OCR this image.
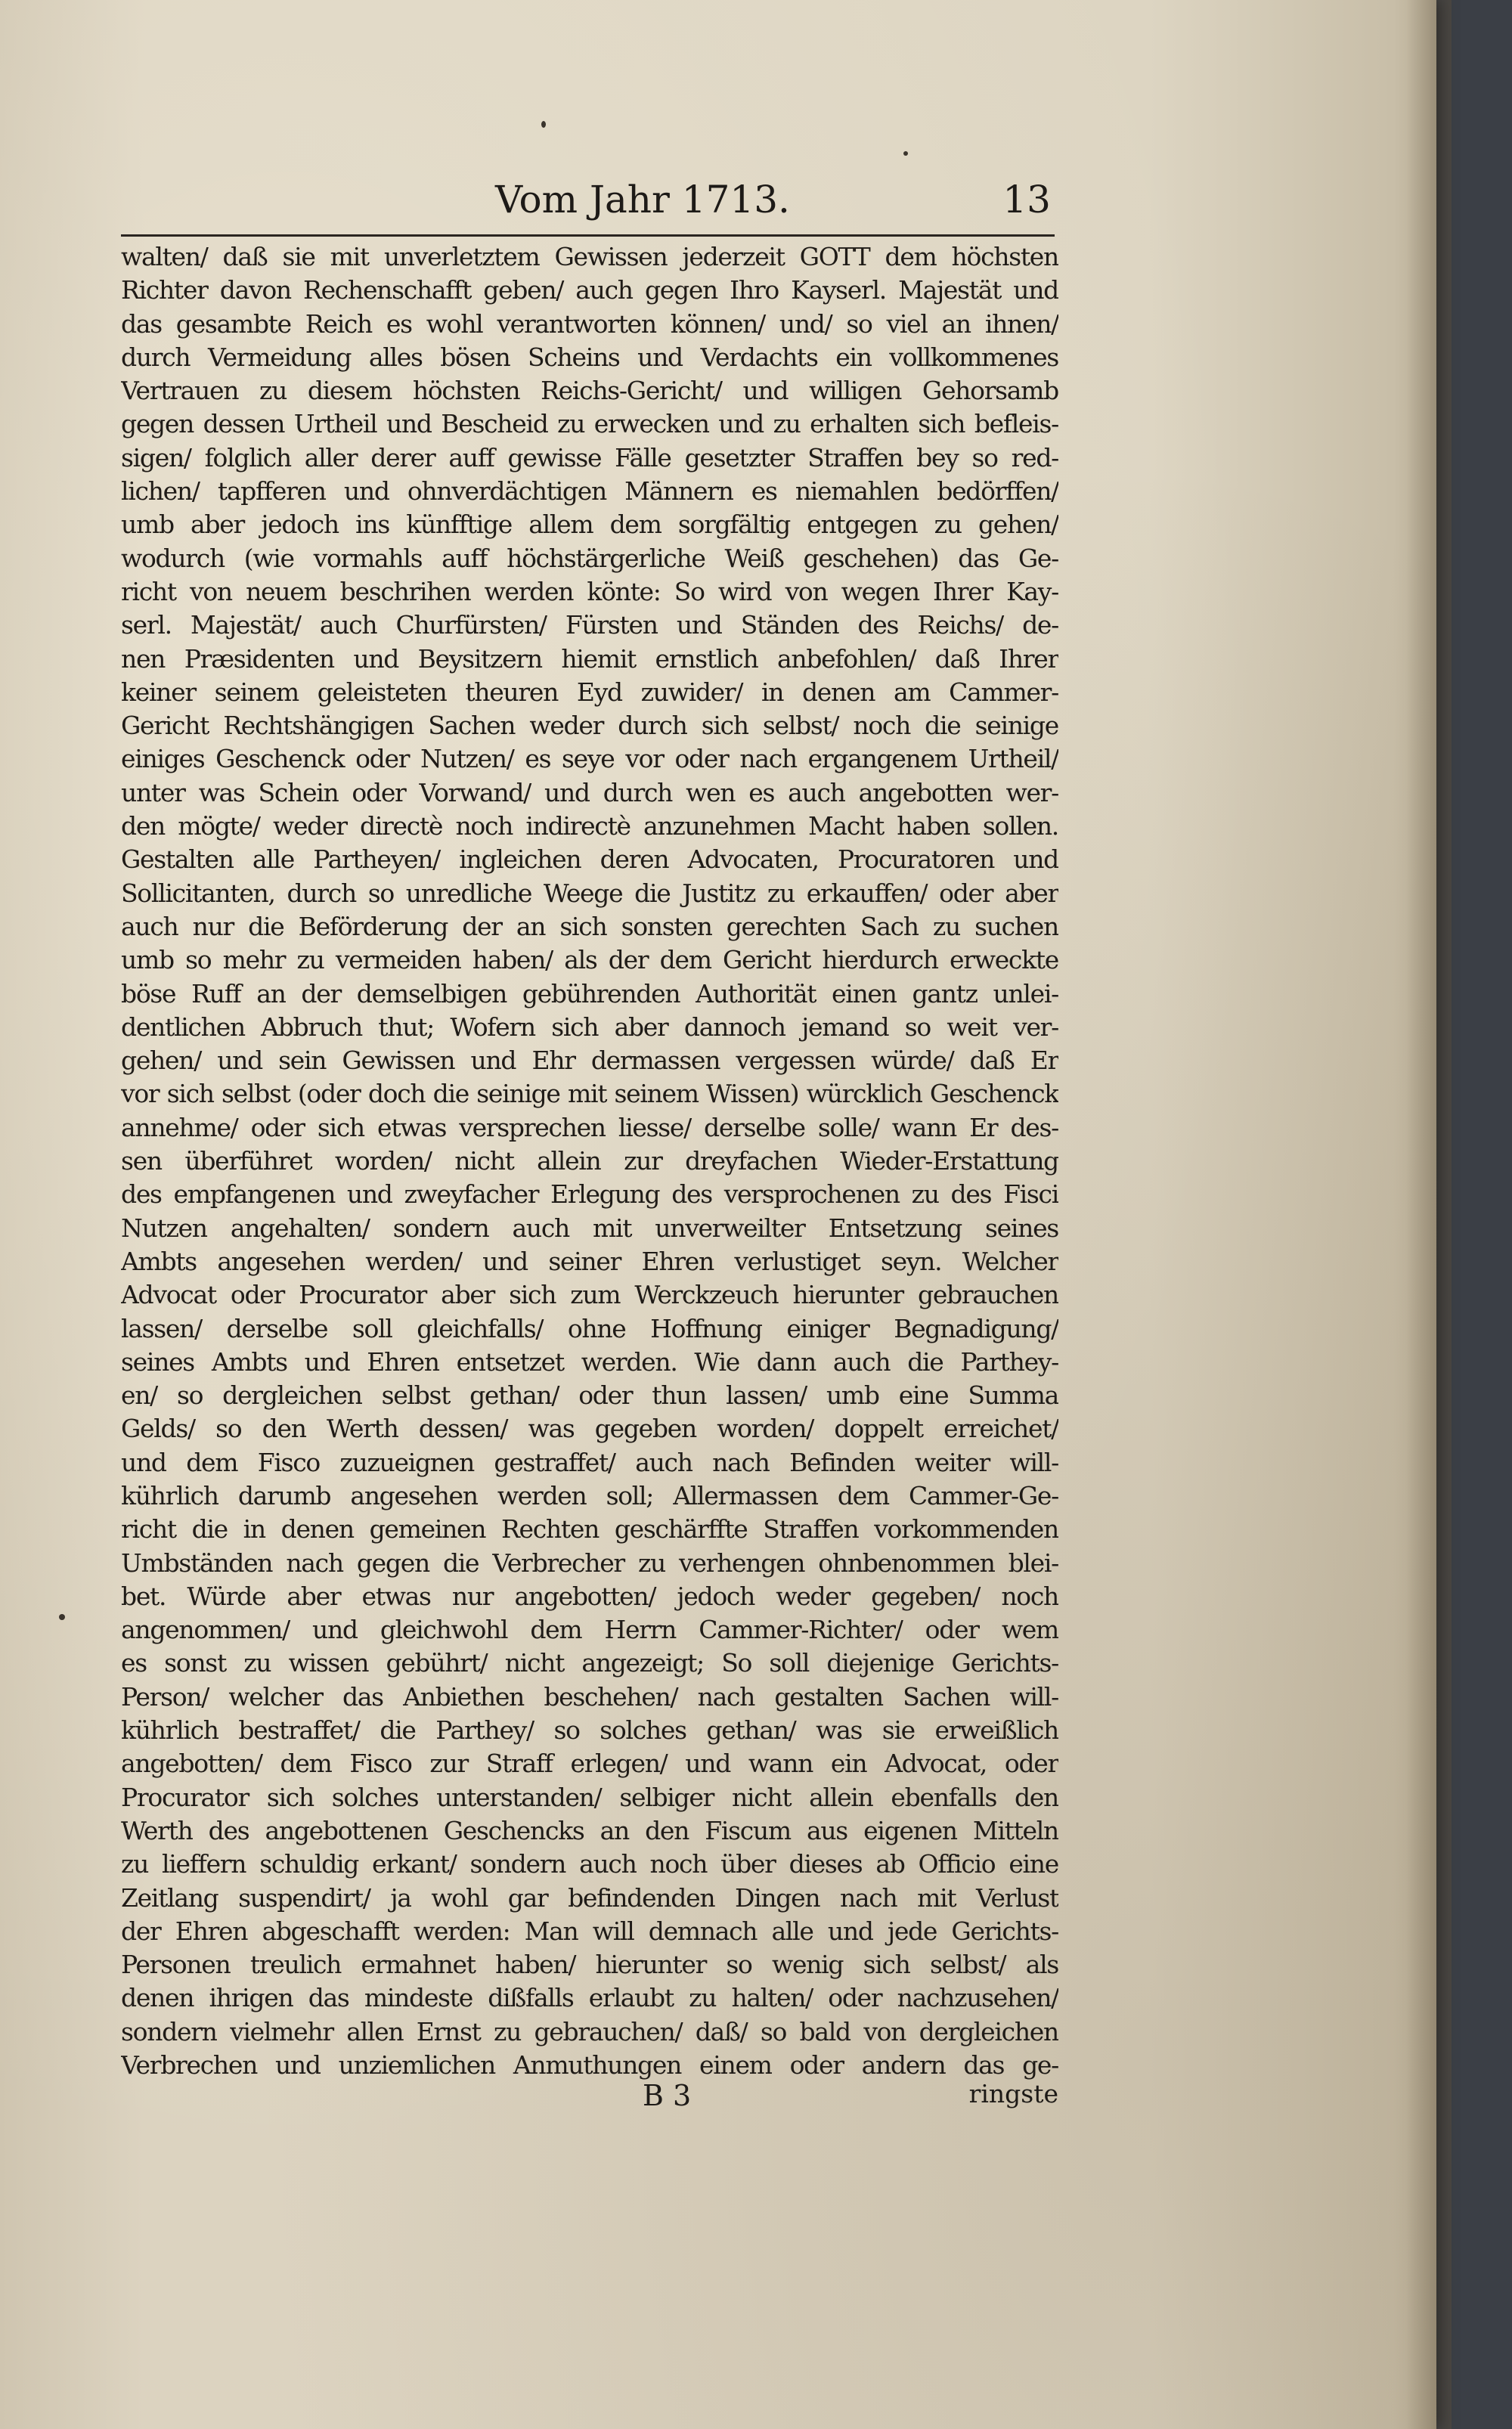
Vom Jahr 1713.	13
walten/ daß sie mit unverletztem Gewissen jederzeit GOTT dem höchsten
Richter davon Rechenschafft geben/ auch gegen Ihro Kayserl. Majestät und
das gesambte Reich es wohl verantworten können/ und/ so viel an ihnen/
durch Vermeidung alles bösen Scheins und Verdachts ein vollkommenes
Vertrauen zu diesem höchsten Reichs-Gericht/ und willigen Gehorsamb
gegen dessen Urtheil und Bescheid zu erwecken und zu erhalten sich befleis-
sigen/ folglich aller derer auff gewisse Fälle gesetzter Straffen bey so red-
lichen/ tapfferen und ohnverdächtigen Männern es niemahlen bedörffen/
umb aber jedoch ins künfftige allem dem sorgfältig entgegen zu gehen/
wodurch (wie vormahls auff höchstärgerliche Weiß geschehen) das Ge-
richt von neuem beschrihen werden könte: So wird von wegen Ihrer Kay-
serl. Majestät/ auch Churfürsten/ Fürsten und Ständen des Reichs/ de-
nen Præsidenten und Beysitzern hiemit ernstlich anbefohlen/ daß Ihrer
keiner seinem geleisteten theuren Eyd zuwider/ in denen am Cammer-
Gericht Rechtshängigen Sachen weder durch sich selbst/ noch die seinige
einiges Geschenck oder Nutzen/ es seye vor oder nach ergangenem Urtheil/
unter was Schein oder Vorwand/ und durch wen es auch angebotten wer-
den mögte/ weder directè noch indirectè anzunehmen Macht haben sollen.
Gestalten alle Partheyen/ ingleichen deren Advocaten, Procuratoren und
Sollicitanten, durch so unredliche Weege die Justitz zu erkauffen/ oder aber
auch nur die Beförderung der an sich sonsten gerechten Sach zu suchen
umb so mehr zu vermeiden haben/ als der dem Gericht hierdurch erweckte
böse Ruff an der demselbigen gebührenden Authorität einen gantz unlei-
dentlichen Abbruch thut; Wofern sich aber dannoch jemand so weit ver-
gehen/ und sein Gewissen und Ehr dermassen vergessen würde/ daß Er
vor sich selbst (oder doch die seinige mit seinem Wissen) würcklich Geschenck
annehme/ oder sich etwas versprechen liesse/ derselbe solle/ wann Er des-
sen überführet worden/ nicht allein zur dreyfachen Wieder-Erstattung
des empfangenen und zweyfacher Erlegung des versprochenen zu des Fisci
Nutzen angehalten/ sondern auch mit unverweilter Entsetzung seines
Ambts angesehen werden/ und seiner Ehren verlustiget seyn. Welcher
Advocat oder Procurator aber sich zum Werckzeuch hierunter gebrauchen
lassen/ derselbe soll gleichfalls/ ohne Hoffnung einiger Begnadigung/
seines Ambts und Ehren entsetzet werden. Wie dann auch die Parthey-
en/ so dergleichen selbst gethan/ oder thun lassen/ umb eine Summa
Gelds/ so den Werth dessen/ was gegeben worden/ doppelt erreichet/
und dem Fisco zuzueignen gestraffet/ auch nach Befinden weiter will-
kührlich darumb angesehen werden soll; Allermassen dem Cammer-Ge-
richt die in denen gemeinen Rechten geschärffte Straffen vorkommenden
Umbständen nach gegen die Verbrecher zu verhengen ohnbenommen blei-
bet. Würde aber etwas nur angebotten/ jedoch weder gegeben/ noch
angenommen/ und gleichwohl dem Herrn Cammer-Richter/ oder wem
es sonst zu wissen gebührt/ nicht angezeigt; So soll diejenige Gerichts-
Person/ welcher das Anbiethen beschehen/ nach gestalten Sachen will-
kührlich bestraffet/ die Parthey/ so solches gethan/ was sie erweißlich
angebotten/ dem Fisco zur Straff erlegen/ und wann ein Advocat, oder
Procurator sich solches unterstanden/ selbiger nicht allein ebenfalls den
Werth des angebottenen Geschencks an den Fiscum aus eigenen Mitteln
zu lieffern schuldig erkant/ sondern auch noch über dieses ab Officio eine
Zeitlang suspendirt/ ja wohl gar befindenden Dingen nach mit Verlust
der Ehren abgeschafft werden: Man will demnach alle und jede Gerichts-
Personen treulich ermahnet haben/ hierunter so wenig sich selbst/ als
denen ihrigen das mindeste dißfalls erlaubt zu halten/ oder nachzusehen/
sondern vielmehr allen Ernst zu gebrauchen/ daß/ so bald von dergleichen
Verbrechen und unziemlichen Anmuthungen einem oder andern das ge-
B 3	ringste
